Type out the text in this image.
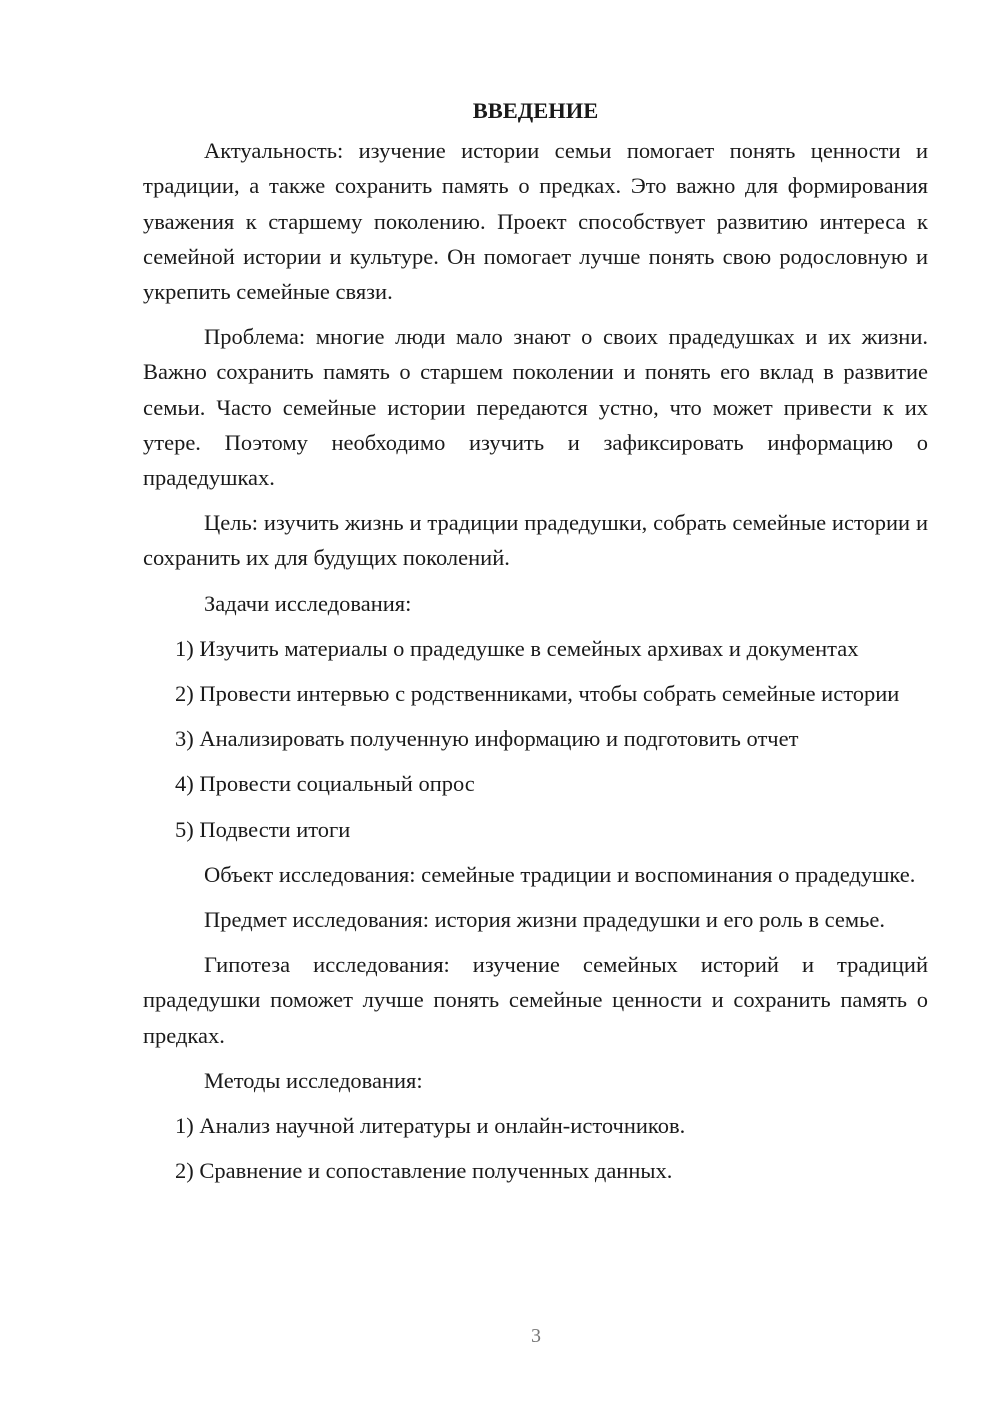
ВВЕДЕНИЕ

Актуальность: изучение истории семьи помогает понять ценности и традиции, а также сохранить память о предках. Это важно для формирования уважения к старшему поколению. Проект способствует развитию интереса к семейной истории и культуре. Он помогает лучше понять свою родословную и укрепить семейные связи.

Проблема: многие люди мало знают о своих прадедушках и их жизни. Важно сохранить память о старшем поколении и понять его вклад в развитие семьи. Часто семейные истории передаются устно, что может привести к их утере. Поэтому необходимо изучить и зафиксировать информацию о прадедушках.

Цель: изучить жизнь и традиции прадедушки, собрать семейные истории и сохранить их для будущих поколений.

Задачи исследования:

1) Изучить материалы о прадедушке в семейных архивах и документах

2) Провести интервью с родственниками, чтобы собрать семейные истории

3) Анализировать полученную информацию и подготовить отчет

4) Провести социальный опрос

5) Подвести итоги

Объект исследования: семейные традиции и воспоминания о прадедушке.

Предмет исследования: история жизни прадедушки и его роль в семье.

Гипотеза исследования: изучение семейных историй и традиций прадедушки поможет лучше понять семейные ценности и сохранить память о предках.

Методы исследования:

1) Анализ научной литературы и онлайн-источников.

2) Сравнение и сопоставление полученных данных.

3
